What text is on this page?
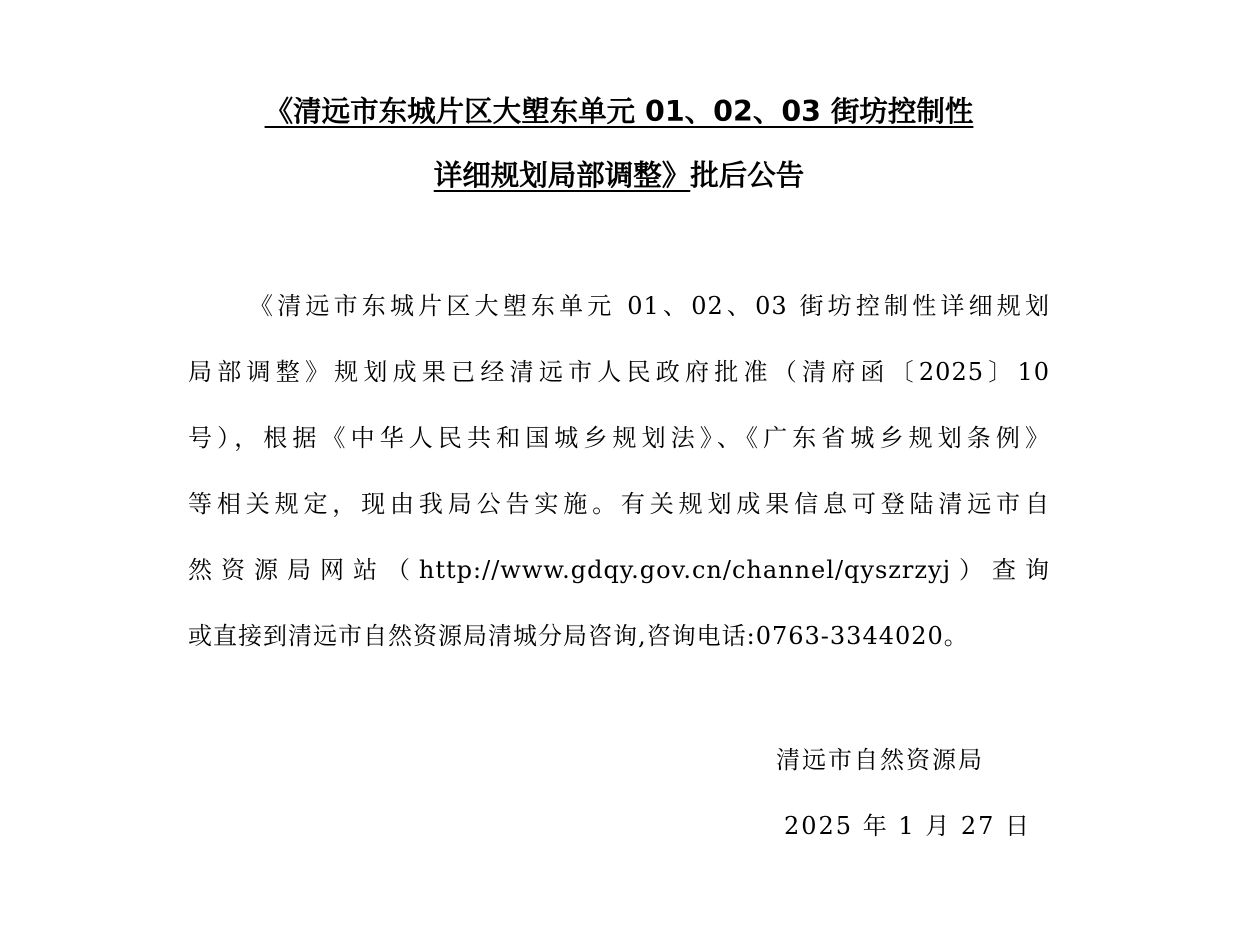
《清远市东城片区大塱东单元 01、02、03 街坊控制性
详细规划局部调整》批后公告
《清远市东城片区大塱东单元 01、02、03 街坊控制性详细规划
局部调整》规划成果已经清远市人民政府批准（清府函〔2025〕10
号），根据《中华人民共和国城乡规划法》、《广东省城乡规划条例》
等相关规定，现由我局公告实施。有关规划成果信息可登陆清远市自
然资源局网站（http://www.gdqy.gov.cn/channel/qyszrzyj）查询
或直接到清远市自然资源局清城分局咨询,咨询电话:0763-3344020。
清远市自然资源局
2025 年 1 月 27 日
